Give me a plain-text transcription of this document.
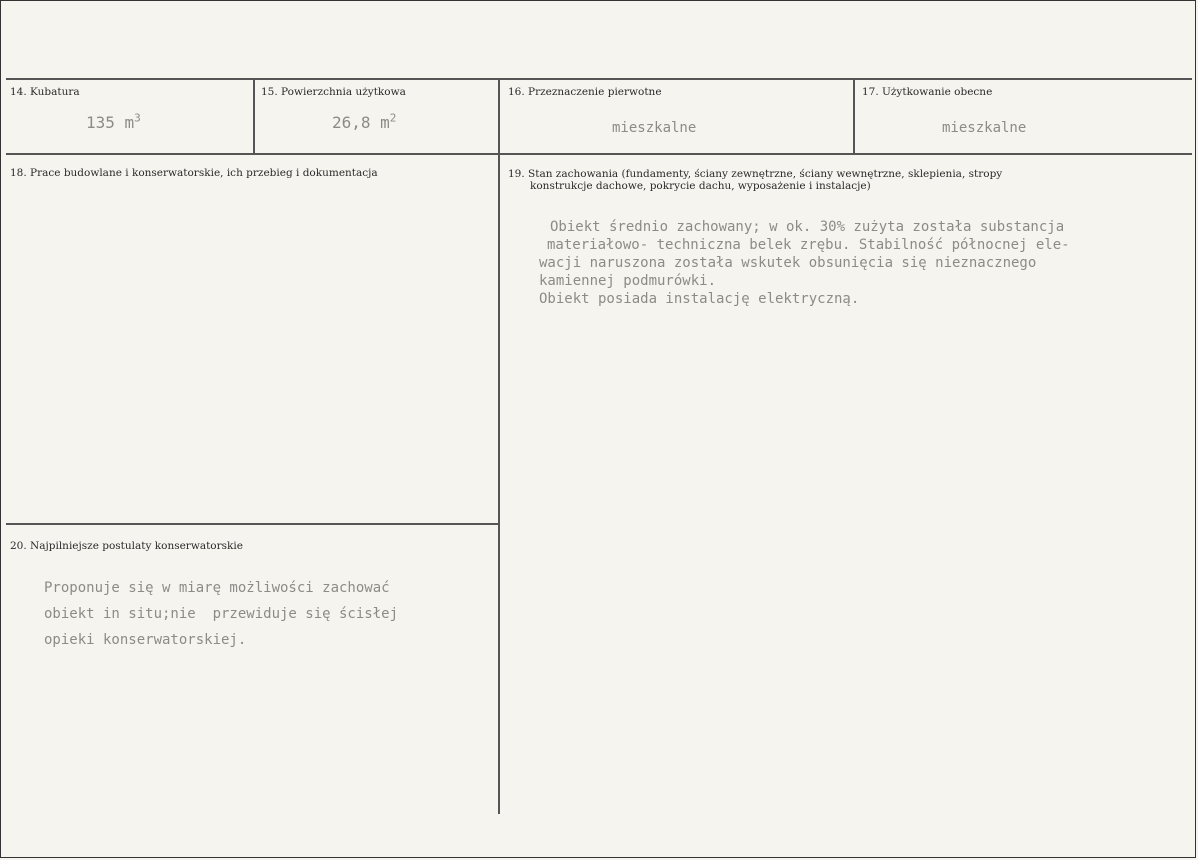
14. Kubatura
135 $m^3$
15. Powierzchnia użytkowa
26,8 $m^2$
16. Przeznaczenie pierwotne
mieszkalne
17. Użytkowanie obecne
mieszkalne
18. Prace budowlane i konserwatorskie, ich przebieg i dokumentacja	19. Stan zachowania (fundamenty, ściany zewnętrzne, ściany wewnętrzne, sklepienia, stropy
konstrukcje dachowe, pokrycie dachu, wyposażenie i instalacje)
Obiekt średnio zachowany; w ok. 30% zużyta została substancja
materiałowo- techniczna belek zrębu. Stabilność północnej ele-
wacji naruszona została wskutek obsunięcia się nieznacznego
kamiennej podmurówki.
Obiekt posiada instalację elektryczną.
20. Najpilniejsze postulaty konserwatorskie
Proponuje się w miarę możliwości zachować
obiekt in situ;nie  przewiduje się ścisłej
opieki konserwatorskiej.
